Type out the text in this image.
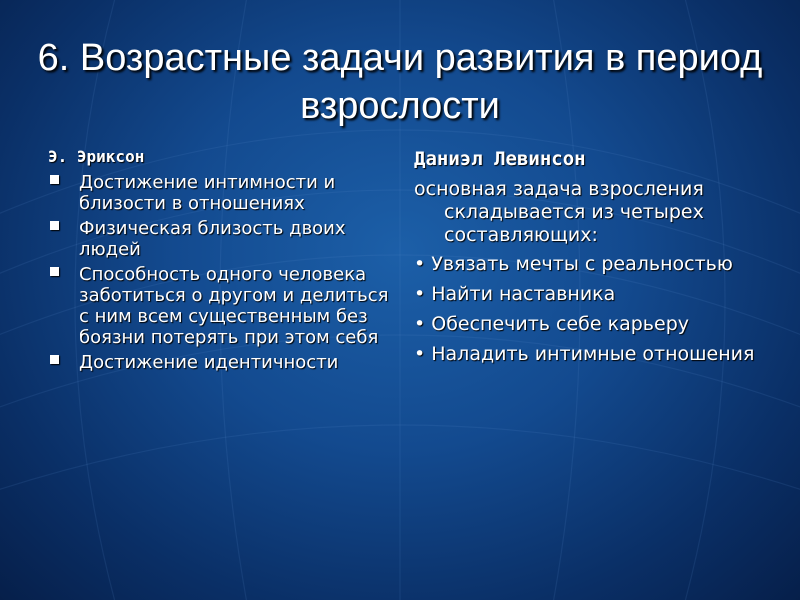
6. Возрастные задачи развития в период взрослости
Э. Эриксон
Достижение интимности и близости в отношениях
Физическая близость двоих людей
Способность одного человека заботиться о другом и делиться с ним всем существенным без боязни потерять при этом себя
Достижение идентичности
Даниэл Левинсон
основная задача взросления складывается из четырех составляющих:
• Увязать мечты с реальностью
• Найти наставника
• Обеспечить себе карьеру
• Наладить интимные отношения
